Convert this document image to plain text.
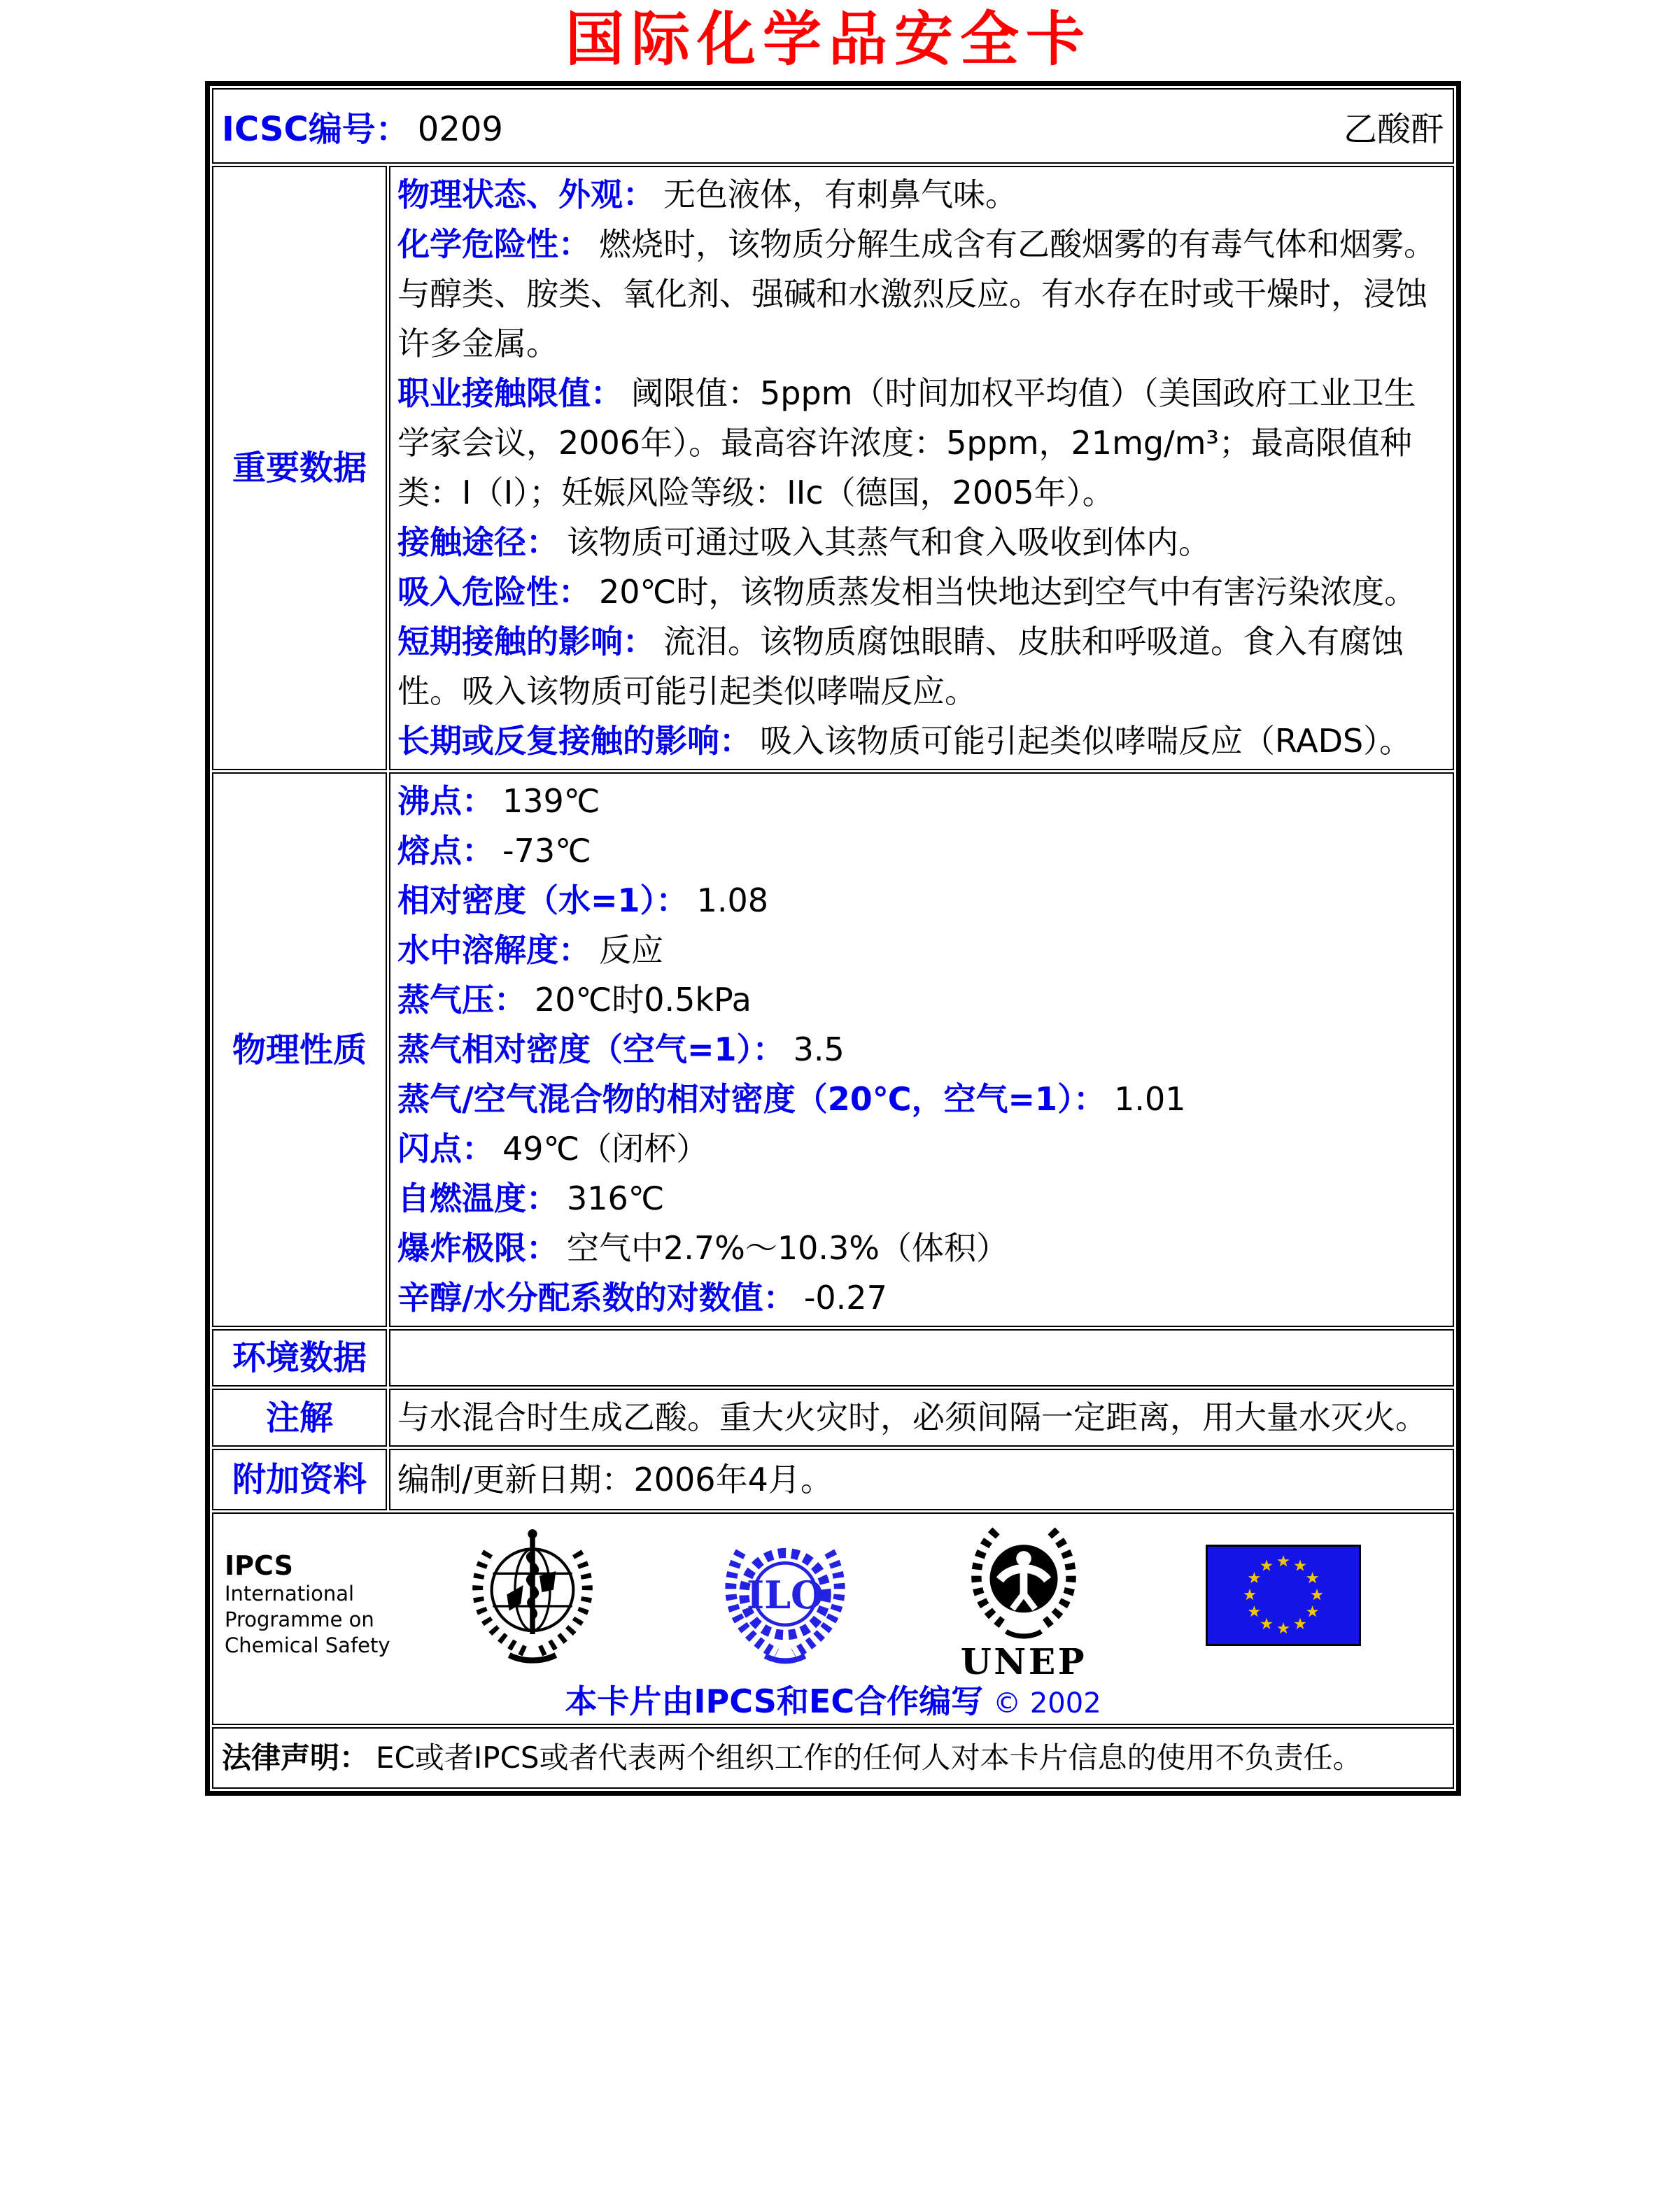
国际化学品安全卡
ICSC编号： 0209 乙酸酐	

重要数据	

物理状态、外观： 无色液体，有刺鼻气味。

化学危险性： 燃烧时，该物质分解生成含有乙酸烟雾的有毒气体和烟雾。与醇类、胺类、氧化剂、强碱和水激烈反应。有水存在时或干燥时，浸蚀许多金属。

职业接触限值： 阈限值：5ppm（时间加权平均值）（美国政府工业卫生学家会议，2006年）。最高容许浓度：5ppm，21mg/m³；最高限值种类：I（I）；妊娠风险等级：IIc（德国，2005年）。

接触途径： 该物质可通过吸入其蒸气和食入吸收到体内。

吸入危险性： 20℃时，该物质蒸发相当快地达到空气中有害污染浓度。

短期接触的影响： 流泪。该物质腐蚀眼睛、皮肤和呼吸道。食入有腐蚀性。吸入该物质可能引起类似哮喘反应。

长期或反复接触的影响： 吸入该物质可能引起类似哮喘反应（RADS）。

物理性质	

沸点： 139℃

熔点： -73℃

相对密度（水=1）： 1.08

水中溶解度： 反应

蒸气压： 20℃时0.5kPa

蒸气相对密度（空气=1）： 3.5

蒸气/空气混合物的相对密度（20℃，空气=1）： 1.01

闪点： 49℃（闭杯）

自燃温度： 316℃

爆炸极限： 空气中2.7%～10.3%（体积）

辛醇/水分配系数的对数值： -0.27

环境数据	
注解	与水混合时生成乙酸。重大火灾时，必须间隔一定距离，用大量水灭火。
附加资料	编制/更新日期：2006年4月。

IPCS
International
Programme on
Chemical Safety
ILO
UNEP
本卡片由IPCS和EC合作编写 © 2002

法律声明： EC或者IPCS或者代表两个组织工作的任何人对本卡片信息的使用不负责任。	
